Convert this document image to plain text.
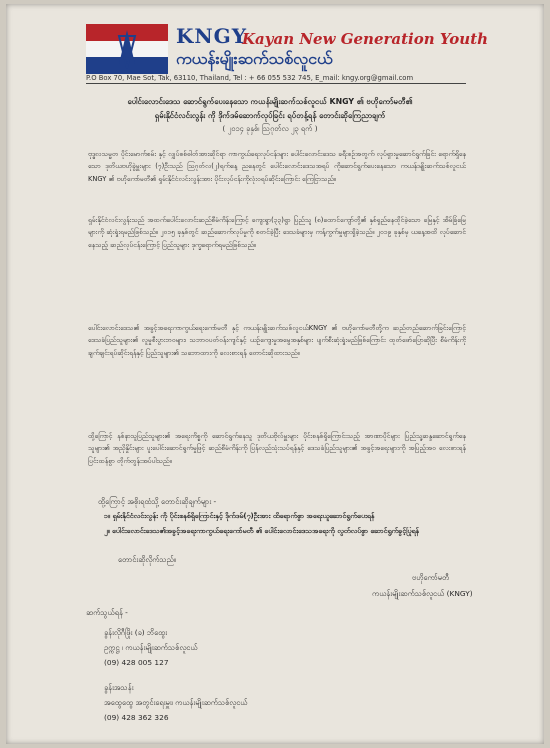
KNGY
Kayan New Generation Youth
ကယန်းမျိုးဆက်သစ်လူငယ်
P.O Box 70, Mae Sot, Tak, 63110, Thailand, Tel : + 66 055 532 745, E_mail: kngy.org@gmail.com
ပေါင်းလောင်းဒေသ ဆောင်ရွက်ပေးနေသော ကယန်းမျိုးဆက်သစ်လူငယ် KNGY ၏ ဗဟိုကော်မတီ၏
ရှမ်းနိုင်ငံလင်းလွန်း ကို ဒိုက်ဒမ်ဆောက်လုပ်ခြင်း ရပ်တန့်ရန် တောင်းဆိုကြေညာချက်
( ၂၀၁၄ ခုနှစ်၊ ဩဂုတ်လ ၂၃ ရက် )
ဗုဒ္ဓလသမ္မတ ပိုင်းမောက်စမ်း နှင့် လျှပ်စစ်ဓါတ်အားဆိုင်ရာ ကာကွယ်ရေးလုပ်ငန်းများ ပေါင်းလောင်းဒေသ ခရီးစဉ်အတွက် လုပ်ရှားမှုဆောင်ရွက်ခြင်း ရောက်ရှိနေသော ဒုတိယဗဟိုခွဲမှူးများ (၇)ဦးသည် ဩဂုတ်လ(၂)ရက်နေ့ ညနေတွင် ပေါင်းလောင်းဒေသအရပ် ကိုဆောင်ရွက်ပေးနေသော ကယန်းမျိုးဆက်သစ်လူငယ် KNGY ၏ ဗဟိုကော်မတီ၏ ရှမ်းနိုင်ငံလင်းလွန်းအား ပိုင်းလုပ်ငန်းကိုလုံးဝရပ်ဆိုင်းကြောင်း ကြေငြာသည်။
ရှမ်းနိုင်ငံလင်းလွန်းသည် အထက်ပေါင်းလောင်းဆည်စီမံကိန်းကြောင့် ကျေးရွာ(၃၃)ရွာ ပြည်သူ (၈)ထောင်ကျော်တို့၏ နှစ်ရှည်နေထိုင်ခဲ့သော မြေနှင့် အိမ်ခြံမြေများကို ဆုံးရှုံးရမည်ဖြစ်သည်။ ၂၀၁၅ ခုနှစ်တွင် ဆည်ဆောက်လုပ်မှုကို စတင်ခဲ့ပြီး ဒေသခံများမှ ကန့်ကွက်မှုများရှိခဲ့သည်။ ၂၀၁၉ ခုနှစ်မှ ယနေ့အထိ လုပ်ဆောင်နေသည့် ဆည်လုပ်ငန်းကြောင့် ပြည်သူများ ဒုက္ခရောက်ရမည်ဖြစ်သည်။
ပေါင်းလောင်းဒေသ၏ အခွင့်အရေးကာကွယ်ရေးကော်မတီ နှင့် ကယန်းမျိုးဆက်သစ်လူငယ်KNGY ၏ ဗဟိုကော်မတီတို့က ဆည်တည်ဆောက်ခြင်းကြောင့် ဒေသခံပြည်သူများ၏ လူမှုစီးပွားဘဝများ၊ သဘာဝပတ်ဝန်းကျင်နှင့် ယဉ်ကျေးမှုအမွေအနှစ်များ ပျက်စီးဆုံးရှုံးမည်ဖြစ်ကြောင်း ထုတ်ဖော်ပြောဆိုပြီး စီမံကိန်းကို ချက်ချင်းရပ်ဆိုင်းရန်နှင့် ပြည်သူများ၏ သဘောထားကို လေးစားရန် တောင်းဆိုထားသည်။
ထို့ကြောင့် နစ်နာသူပြည်သူများ၏ အရေးကိစ္စကို ဆောင်ရွက်နေသူ ဒုတိယဗိုလ်မှူးများ ပိုင်းစနစ်ရှိကြောင်းသည့် အာဏာပိုင်များ ပြည်သူ့ဆန္ဒဆောင်ရွက်နေသူများ၏ အညှိနှိုင်းများ ပူးပေါင်းဆောင်ရွက်မှုဖြင့် ဆည်စီမံကိန်းကို ပြန်လည်သုံးသပ်ရန်နှင့် ဒေသခံပြည်သူများ၏ အခွင့်အရေးများကို အပြည့်အဝ လေးစားရန် ပြင်းထန်စွာ တိုက်တွန်းအပ်ပါသည်။
ထို့ကြောင့် အစိုးရထံသို့ တောင်းဆိုချက်များ -
၁။ ရှမ်းနိုင်ငံလင်းလွန်း ကို ပိုင်းစနစ်ရှိကြောင်းနှင့် ဒိုက်ဒမ်(၇)ဦးအား ထိရောက်စွာ အရေးယူဆောင်ရွက်ပေးရန်
၂။ ပေါင်းလောင်းဒေသ၏အခွင့်အရေးကာကွယ်ရေးကော်မတီ ၏ ပေါင်းလောင်းဒေသအရေးကို လွတ်လပ်စွာ ဆောင်ရွက်ခွင့်ပြုရန်
တောင်းဆိုလိုက်သည်။
ဗဟိုကော်မတီ
ကယန်းမျိုးဆက်သစ်လူငယ် (KNGY)
ဆက်သွယ်ရန် -
ခွန်းလိုဂီဖြိုး (ခ) ဘိထွေး
ဥက္ကဋ္ဌ ၊ ကယန်းမျိုးဆက်သစ်လူငယ်
(09) 428 005 127
ခွန်းအသန်း
အထွေထွေ အတွင်းရေးမှူး၊ ကယန်းမျိုးဆက်သစ်လူငယ်
(09) 428 362 326
